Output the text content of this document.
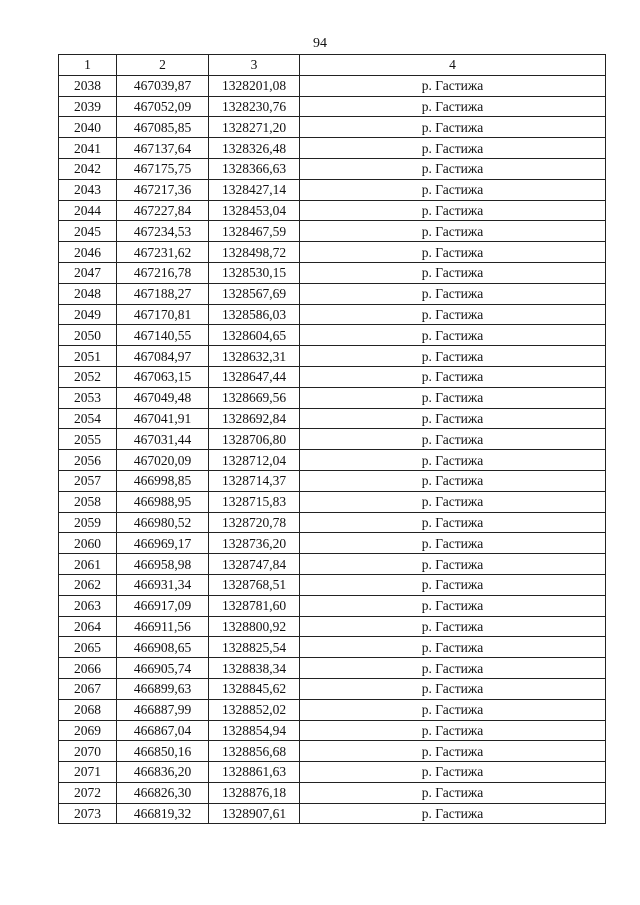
94
1	2	3	4
2038	467039,87	1328201,08	р. Гастижа
2039	467052,09	1328230,76	р. Гастижа
2040	467085,85	1328271,20	р. Гастижа
2041	467137,64	1328326,48	р. Гастижа
2042	467175,75	1328366,63	р. Гастижа
2043	467217,36	1328427,14	р. Гастижа
2044	467227,84	1328453,04	р. Гастижа
2045	467234,53	1328467,59	р. Гастижа
2046	467231,62	1328498,72	р. Гастижа
2047	467216,78	1328530,15	р. Гастижа
2048	467188,27	1328567,69	р. Гастижа
2049	467170,81	1328586,03	р. Гастижа
2050	467140,55	1328604,65	р. Гастижа
2051	467084,97	1328632,31	р. Гастижа
2052	467063,15	1328647,44	р. Гастижа
2053	467049,48	1328669,56	р. Гастижа
2054	467041,91	1328692,84	р. Гастижа
2055	467031,44	1328706,80	р. Гастижа
2056	467020,09	1328712,04	р. Гастижа
2057	466998,85	1328714,37	р. Гастижа
2058	466988,95	1328715,83	р. Гастижа
2059	466980,52	1328720,78	р. Гастижа
2060	466969,17	1328736,20	р. Гастижа
2061	466958,98	1328747,84	р. Гастижа
2062	466931,34	1328768,51	р. Гастижа
2063	466917,09	1328781,60	р. Гастижа
2064	466911,56	1328800,92	р. Гастижа
2065	466908,65	1328825,54	р. Гастижа
2066	466905,74	1328838,34	р. Гастижа
2067	466899,63	1328845,62	р. Гастижа
2068	466887,99	1328852,02	р. Гастижа
2069	466867,04	1328854,94	р. Гастижа
2070	466850,16	1328856,68	р. Гастижа
2071	466836,20	1328861,63	р. Гастижа
2072	466826,30	1328876,18	р. Гастижа
2073	466819,32	1328907,61	р. Гастижа
